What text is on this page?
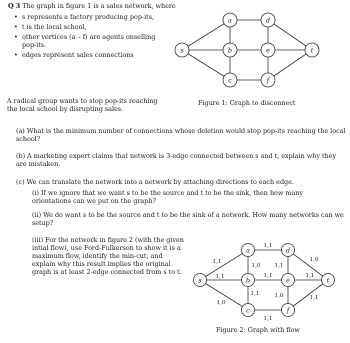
Q 3 The graph in figure 1 is a sales network, where
• s represents a factory producing pop-its,
• t is the local school,
• other vertices (a – f) are agents onselling pop-its.
• edges represent sales connections
s
a
b
c
d
e
f
t
A radical group wants to stop pop-its reaching the local school by disrupting sales.
Figure 1: Graph to disconnect
(a) What is the minimum number of connections whose deletion would stop pop-its reaching the local school?
(b) A marketing expert claims that network is 3-edge connected between s and t, explain why they are mistaken.
(c) We can translate the network into a network by attaching directions to each edge.
(i) If we ignore that we want s to be the source and t to be the sink, then how many orientations can we put on the graph?
(ii) We do want s to be the source and t to be the sink of a network. How many networks can we setup?
(iii) For the network in figure 2 (with the given intial flow), use Ford-Fulkerson to show it is a maximum flow, identify the min-cut, and explain why this result implies the original graph is at least 2-edge connected from s to t.
s
a
b
c
d
e
f
t
1,1
1,1
1,0
1,1
1,0
1,1
1,1
1,1
1,1
1,0
1,0
1,1
1,1
Figure 2: Graph with flow
